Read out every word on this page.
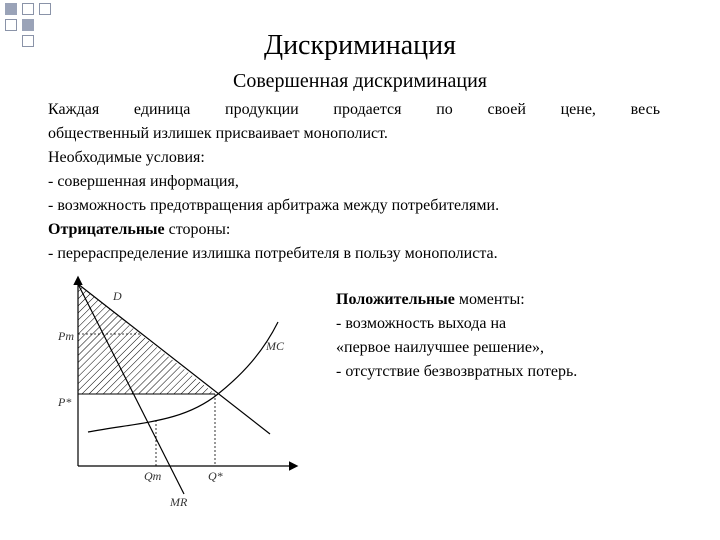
Дискриминация
Совершенная дискриминация
Каждая единица продукции продается по своей цене, весь
общественный излишек присваивает монополист.
Необходимые условия:
- совершенная информация,
- возможность предотвращения арбитража между потребителями.
Отрицательные стороны:
- перераспределение излишка потребителя в пользу монополиста.
D
MC
Pm
P*
Qm	Q*
MR
Положительные моменты:
- возможность выхода на
«первое наилучшее решение»,
- отсутствие безвозвратных потерь.
